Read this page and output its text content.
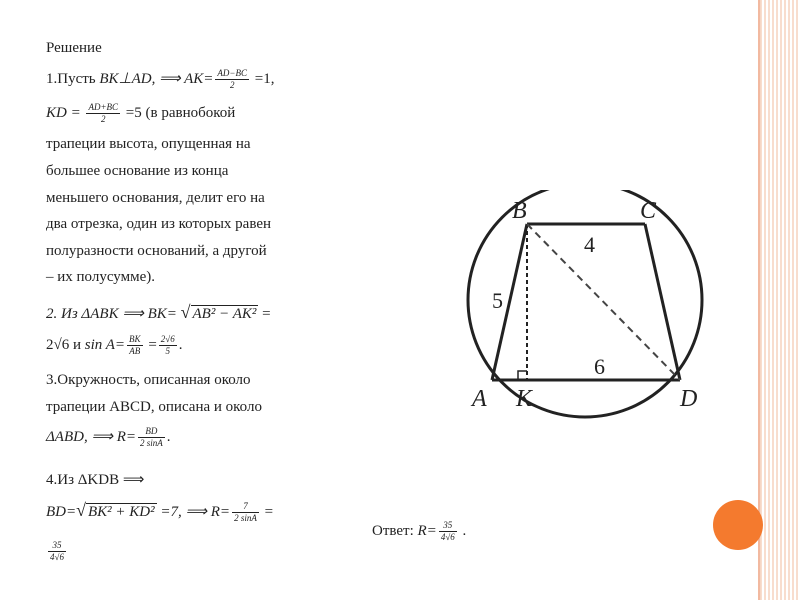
Решение
1.Пусть BK⊥AD, ⟹ $AK= \frac{AD-BC}{2} =1$,
KD = $\frac{AD+BC}{2} =5$ (в равнобокой
трапеции высота, опущенная на
большее основание из конца
меньшего основания, делит его на
два отрезка, один из которых равен
полуразности оснований, а другой
– их полусумме).
2. Из ΔABK ⟹ BK= √ AB² − AK² =
2√6 и $\sin A= \frac{BK}{AB} = \frac{2√6}{5}$ .
3.Окружность, описанная около
трапеции ABCD, описана и около
ΔABD, ⟹ $R= \frac{BD}{2 \sin A}$ .
4.Из ΔKDB ⟹
BD=√ BK² + KD² =7, ⟹ $R= \frac{7}{2 \sin A}$ =
$\frac{35}{4√6}$
Ответ: $R= \frac{35}{4√6}$ .
B	C
A K	D
5
4
6
